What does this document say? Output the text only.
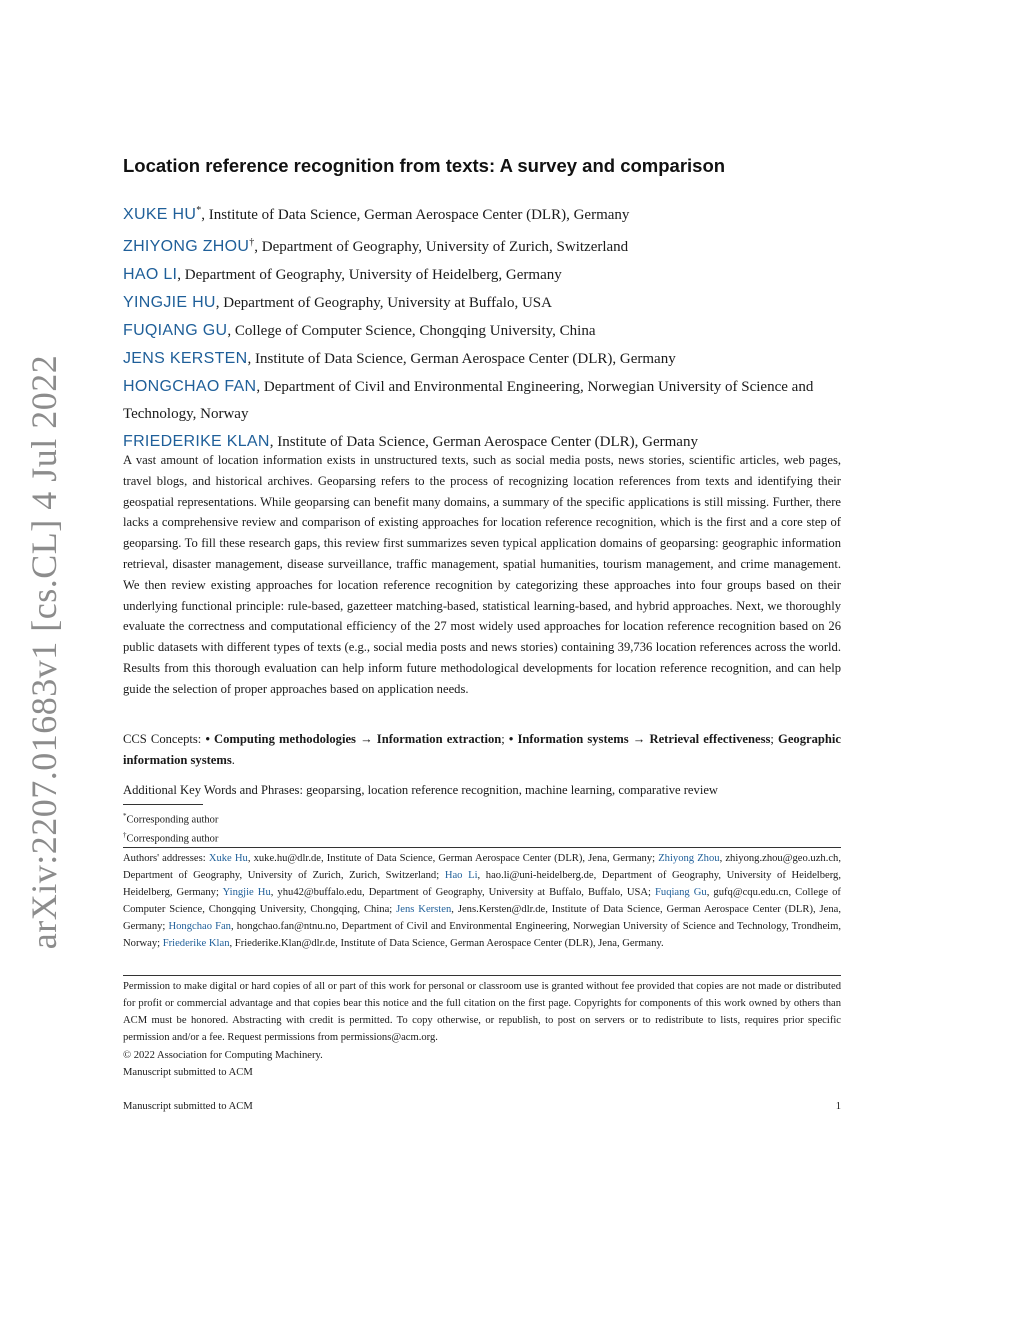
arXiv:2207.01683v1 [cs.CL] 4 Jul 2022
Location reference recognition from texts: A survey and comparison
XUKE HU*, Institute of Data Science, German Aerospace Center (DLR), Germany
ZHIYONG ZHOU†, Department of Geography, University of Zurich, Switzerland
HAO LI, Department of Geography, University of Heidelberg, Germany
YINGJIE HU, Department of Geography, University at Buffalo, USA
FUQIANG GU, College of Computer Science, Chongqing University, China
JENS KERSTEN, Institute of Data Science, German Aerospace Center (DLR), Germany
HONGCHAO FAN, Department of Civil and Environmental Engineering, Norwegian University of Science and Technology, Norway
FRIEDERIKE KLAN, Institute of Data Science, German Aerospace Center (DLR), Germany

A vast amount of location information exists in unstructured texts, such as social media posts, news stories, scientific articles, web pages, travel blogs, and historical archives. Geoparsing refers to the process of recognizing location references from texts and identifying their geospatial representations. While geoparsing can benefit many domains, a summary of the specific applications is still missing. Further, there lacks a comprehensive review and comparison of existing approaches for location reference recognition, which is the first and a core step of geoparsing. To fill these research gaps, this review first summarizes seven typical application domains of geoparsing: geographic information retrieval, disaster management, disease surveillance, traffic management, spatial humanities, tourism management, and crime management. We then review existing approaches for location reference recognition by categorizing these approaches into four groups based on their underlying functional principle: rule-based, gazetteer matching-based, statistical learning-based, and hybrid approaches. Next, we thoroughly evaluate the correctness and computational efficiency of the 27 most widely used approaches for location reference recognition based on 26 public datasets with different types of texts (e.g., social media posts and news stories) containing 39,736 location references across the world. Results from this thorough evaluation can help inform future methodological developments for location reference recognition, and can help guide the selection of proper approaches based on application needs.

CCS Concepts: • Computing methodologies → Information extraction; • Information systems → Retrieval effectiveness; Geographic information systems.

Additional Key Words and Phrases: geoparsing, location reference recognition, machine learning, comparative review

*Corresponding author
†Corresponding author

Authors' addresses: Xuke Hu, xuke.hu@dlr.de, Institute of Data Science, German Aerospace Center (DLR), Jena, Germany; Zhiyong Zhou, zhiyong.zhou@geo.uzh.ch, Department of Geography, University of Zurich, Zurich, Switzerland; Hao Li, hao.li@uni-heidelberg.de, Department of Geography, University of Heidelberg, Heidelberg, Germany; Yingjie Hu, yhu42@buffalo.edu, Department of Geography, University at Buffalo, Buffalo, USA; Fuqiang Gu, gufq@cqu.edu.cn, College of Computer Science, Chongqing University, Chongqing, China; Jens Kersten, Jens.Kersten@dlr.de, Institute of Data Science, German Aerospace Center (DLR), Jena, Germany; Hongchao Fan, hongchao.fan@ntnu.no, Department of Civil and Environmental Engineering, Norwegian University of Science and Technology, Trondheim, Norway; Friederike Klan, Friederike.Klan@dlr.de, Institute of Data Science, German Aerospace Center (DLR), Jena, Germany.

Permission to make digital or hard copies of all or part of this work for personal or classroom use is granted without fee provided that copies are not made or distributed for profit or commercial advantage and that copies bear this notice and the full citation on the first page. Copyrights for components of this work owned by others than ACM must be honored. Abstracting with credit is permitted. To copy otherwise, or republish, to post on servers or to redistribute to lists, requires prior specific permission and/or a fee. Request permissions from permissions@acm.org.

© 2022 Association for Computing Machinery.

Manuscript submitted to ACM

Manuscript submitted to ACM	1
